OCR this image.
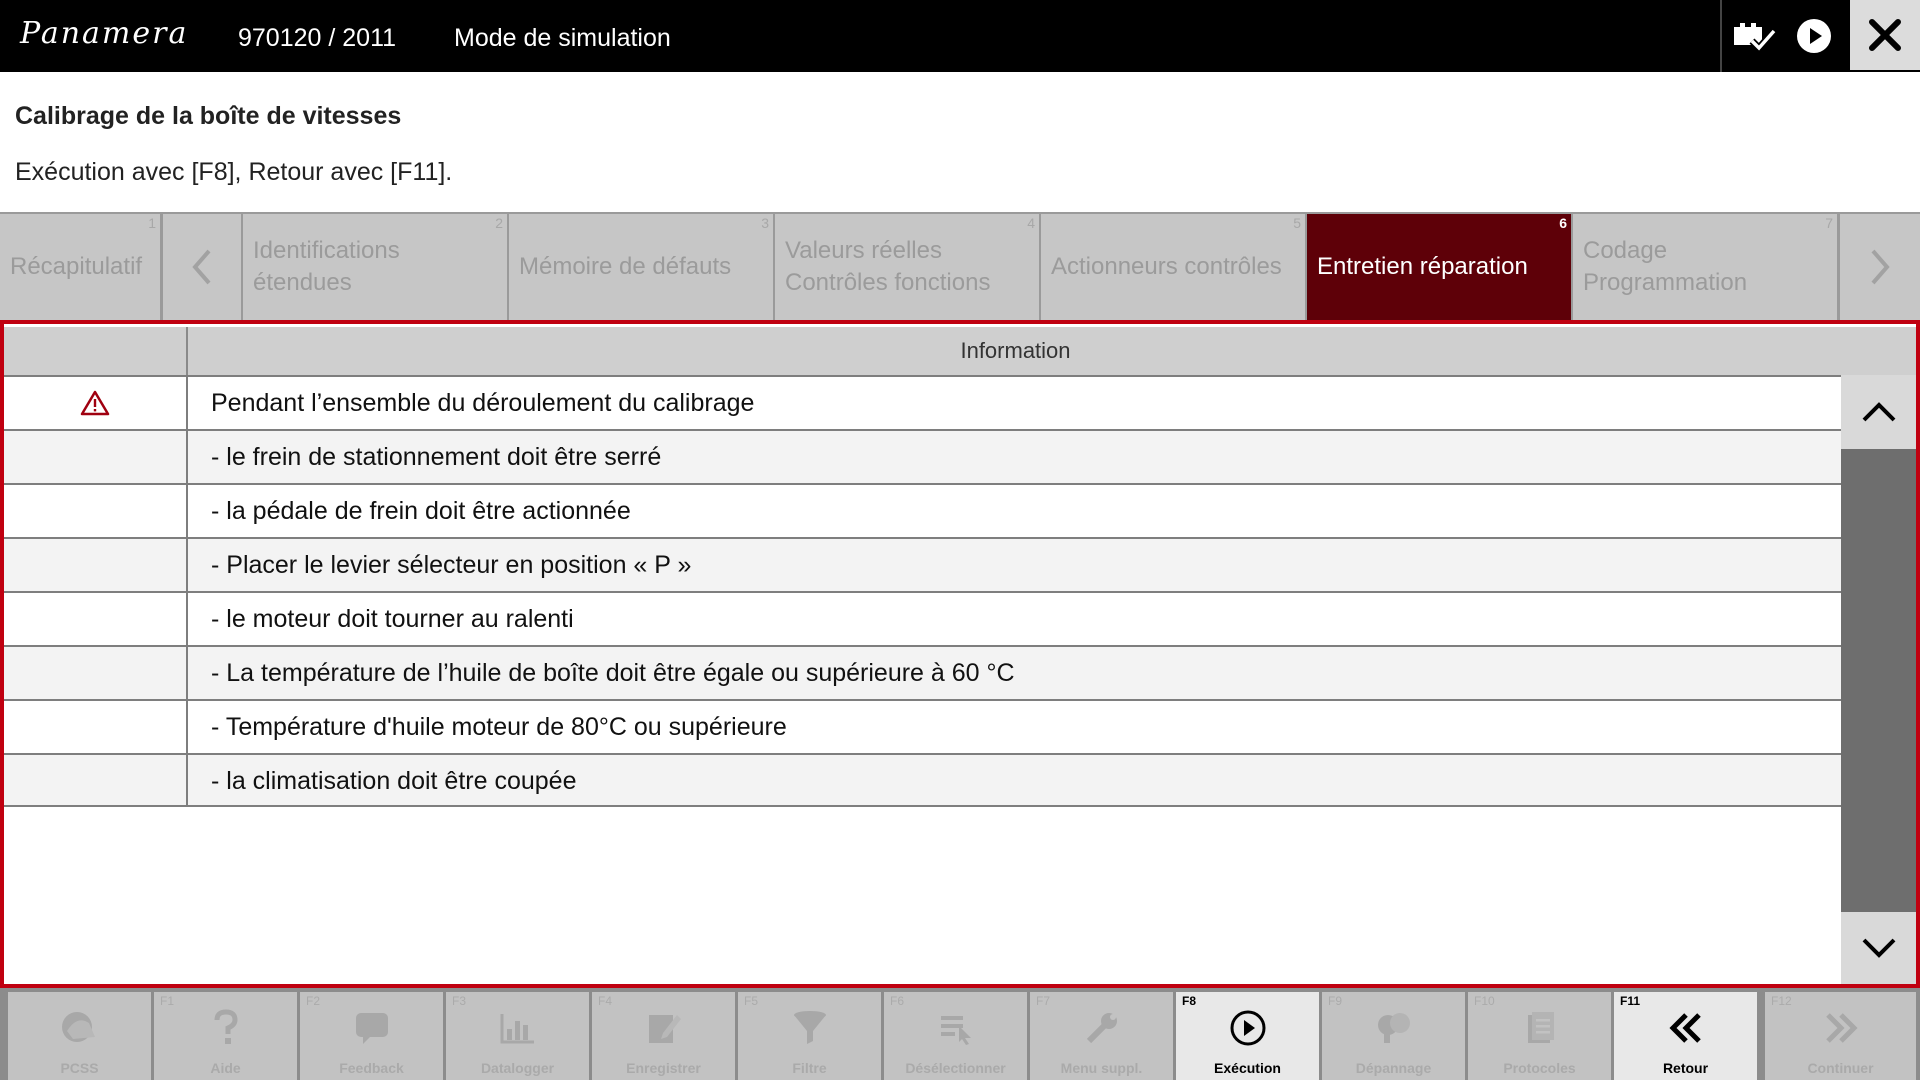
Panamera 970120 / 2011 Mode de simulation
Calibrage de la boîte de vitesses
Exécution avec [F8], Retour avec [F11].
1
Récapitulatif
2
Identifications étendues
3
Mémoire de défauts
4
Valeurs réelles Contrôles fonctions
5
Actionneurs contrôles
6
Entretien réparation
7
Codage Programmation
Information
Pendant l’ensemble du déroulement du calibrage
- le frein de stationnement doit être serré
- la pédale de frein doit être actionnée
- Placer le levier sélecteur en position « P »
- le moteur doit tourner au ralenti
- La température de l’huile de boîte doit être égale ou supérieure à 60 °C
- Température d'huile moteur de 80°C ou supérieure
- la climatisation doit être coupée
PCSS
F1
Aide
F2
Feedback
F3
Datalogger
F4
Enregistrer
F5
Filtre
F6
Désélectionner
F7
Menu suppl.
F8
Exécution
F9
Dépannage
F10
Protocoles
F11
Retour
F12
Continuer
